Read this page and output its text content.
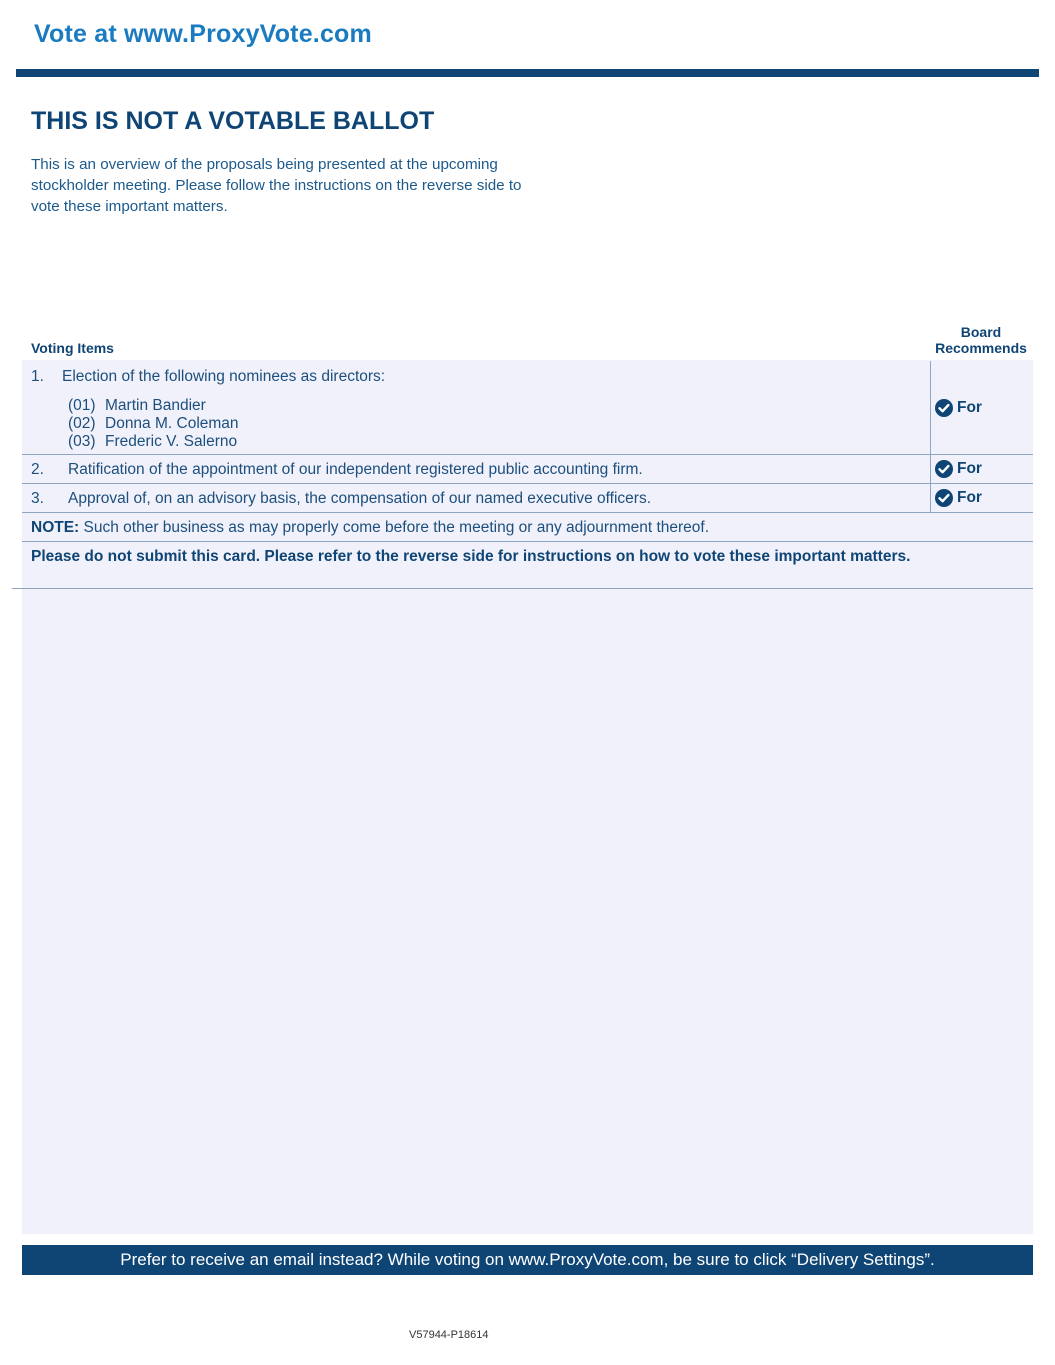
Vote at www.ProxyVote.com
THIS IS NOT A VOTABLE BALLOT
This is an overview of the proposals being presented at the upcoming stockholder meeting. Please follow the instructions on the reverse side to vote these important matters.
Voting Items
Board
Recommends
1. Election of the following nominees as directors:
(01) Martin Bandier
(02) Donna M. Coleman
(03) Frederic V. Salerno
For
2. Ratification of the appointment of our independent registered public accounting firm.	For
3. Approval of, on an advisory basis, the compensation of our named executive officers.	For
NOTE: Such other business as may properly come before the meeting or any adjournment thereof.
Please do not submit this card. Please refer to the reverse side for instructions on how to vote these important matters.
Prefer to receive an email instead? While voting on www.ProxyVote.com, be sure to click “Delivery Settings”.
V57944-P18614
